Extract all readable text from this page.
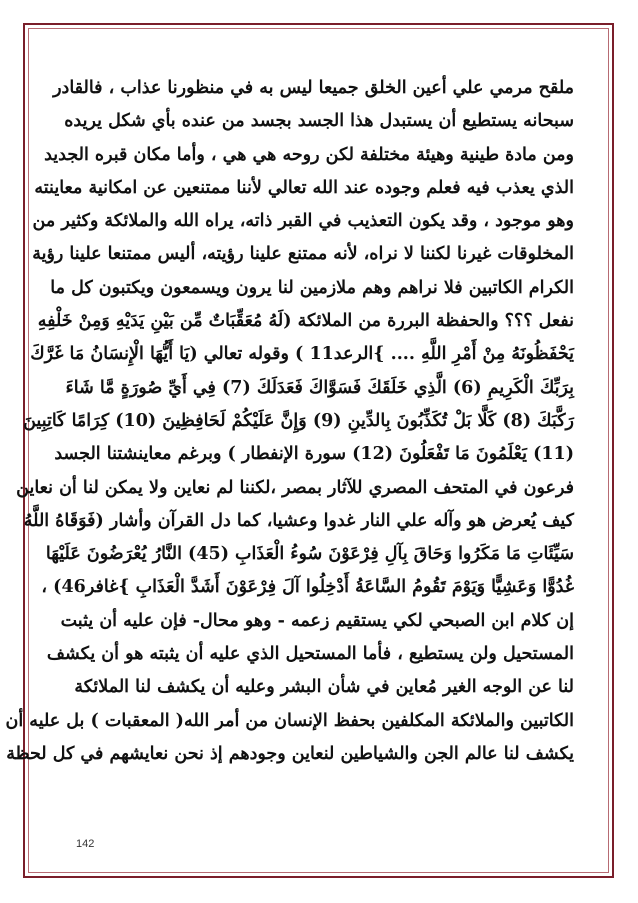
ملقح مرمي علي أعين الخلق جميعا ليس به في منظورنا عذاب ، فالقادر
سبحانه يستطيع أن يستبدل هذا الجسد بجسد من عنده بأي شكل يريده
ومن مادة طينية وهيئة مختلفة لكن روحه هي هي ، وأما مكان قبره الجديد
الذي يعذب فيه فعلم وجوده عند الله تعالي لأننا ممتنعين عن امكانية معاينته
وهو موجود ، وقد يكون التعذيب في القبر ذاته، يراه الله والملائكة وكثير من
المخلوقات غيرنا لكننا لا نراه، لأنه ممتنع علينا رؤيته، أليس ممتنعا علينا رؤية
الكرام الكاتبين فلا نراهم وهم ملازمين لنا يرون ويسمعون ويكتبون كل ما
نفعل ؟؟؟ والحفظة البررة من الملائكة (لَهُ مُعَقِّبَاتٌ مِّن بَيْنِ يَدَيْهِ وَمِنْ خَلْفِهِ
يَحْفَظُونَهُ مِنْ أَمْرِ اللَّهِ .... }الرعد11 ) وقوله تعالي (يَا أَيُّهَا الْإِنسَانُ مَا غَرَّكَ
بِرَبِّكَ الْكَرِيمِ (6) الَّذِي خَلَقَكَ فَسَوَّاكَ فَعَدَلَكَ (7) فِي أَيِّ صُورَةٍ مَّا شَاءَ
رَكَّبَكَ (8) كَلَّا بَلْ تُكَذِّبُونَ بِالدِّينِ (9) وَإِنَّ عَلَيْكُمْ لَحَافِظِينَ (10) كِرَامًا كَاتِبِينَ
(11) يَعْلَمُونَ مَا تَفْعَلُونَ (12) سورة الإنفطار ) وبرغم معاينشتنا الجسد
فرعون في المتحف المصري للآثار بمصر ،لكننا لم نعاين ولا يمكن لنا أن نعاين
كيف يُعرض هو وآله علي النار غدوا وعشيا، كما دل القرآن وأشار (فَوَقَاهُ اللَّهُ
سَيِّئَاتِ مَا مَكَرُوا وَحَاقَ بِآلِ فِرْعَوْنَ سُوءُ الْعَذَابِ (45) النَّارُ يُعْرَضُونَ عَلَيْهَا
غُدُوًّا وَعَشِيًّا وَيَوْمَ تَقُومُ السَّاعَةُ أَدْخِلُوا آلَ فِرْعَوْنَ أَشَدَّ الْعَذَابِ }غافر46) ،
إن كلام ابن الصبحي لكي يستقيم زعمه - وهو محال- فإن عليه أن يثبت
المستحيل ولن يستطيع ، فأما المستحيل الذي عليه أن يثبته هو أن يكشف
لنا عن الوجه الغير مُعاين في شأن البشر وعليه أن يكشف لنا الملائكة
الكاتبين والملائكة المكلفين بحفظ الإنسان من أمر الله( المعقبات ) بل عليه أن
يكشف لنا عالم الجن والشياطين لنعاين وجودهم إذ نحن نعايشهم في كل لحظة
142
